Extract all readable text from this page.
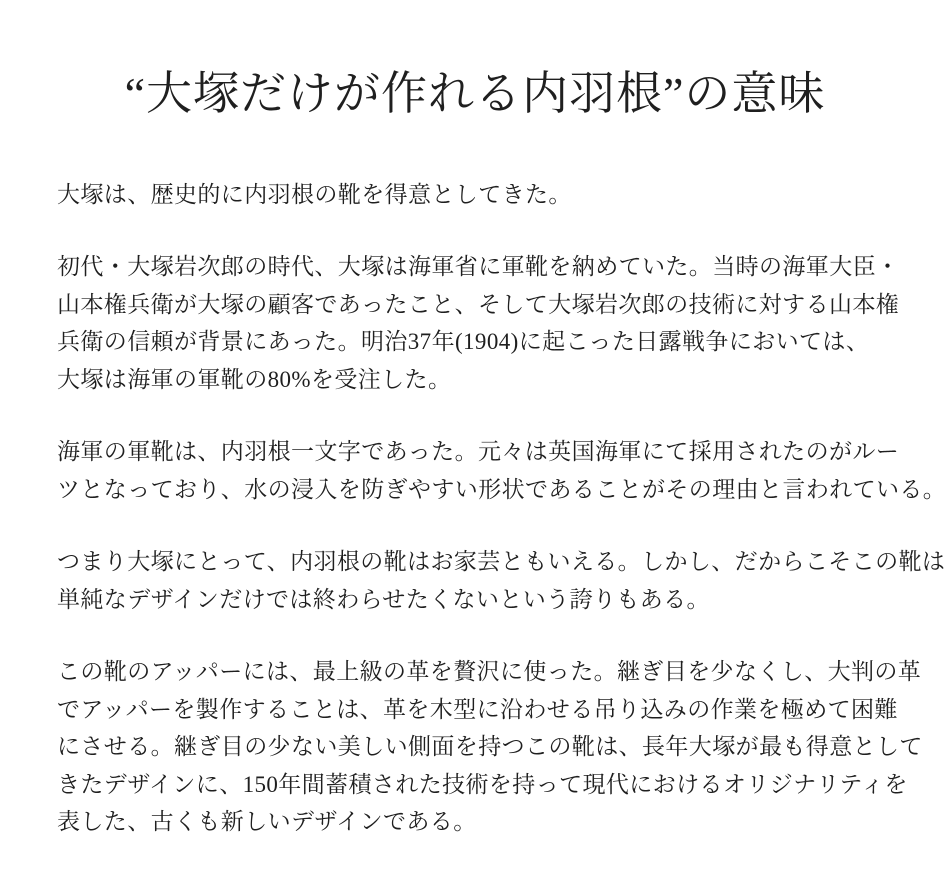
“大塚だけが作れる内羽根”の意味
大塚は、歴史的に内羽根の靴を得意としてきた。
初代・大塚岩次郎の時代、大塚は海軍省に軍靴を納めていた。当時の海軍大臣・
山本権兵衛が大塚の顧客であったこと、そして大塚岩次郎の技術に対する山本権
兵衛の信頼が背景にあった。明治37年(1904)に起こった日露戦争においては、
大塚は海軍の軍靴の80%を受注した。
海軍の軍靴は、内羽根一文字であった。元々は英国海軍にて採用されたのがルー
ツとなっており、水の浸入を防ぎやすい形状であることがその理由と言われている。
つまり大塚にとって、内羽根の靴はお家芸ともいえる。しかし、だからこそこの靴は
単純なデザインだけでは終わらせたくないという誇りもある。
この靴のアッパーには、最上級の革を贅沢に使った。継ぎ目を少なくし、大判の革
でアッパーを製作することは、革を木型に沿わせる吊り込みの作業を極めて困難
にさせる。継ぎ目の少ない美しい側面を持つこの靴は、長年大塚が最も得意として
きたデザインに、150年間蓄積された技術を持って現代におけるオリジナリティを
表した、古くも新しいデザインである。
